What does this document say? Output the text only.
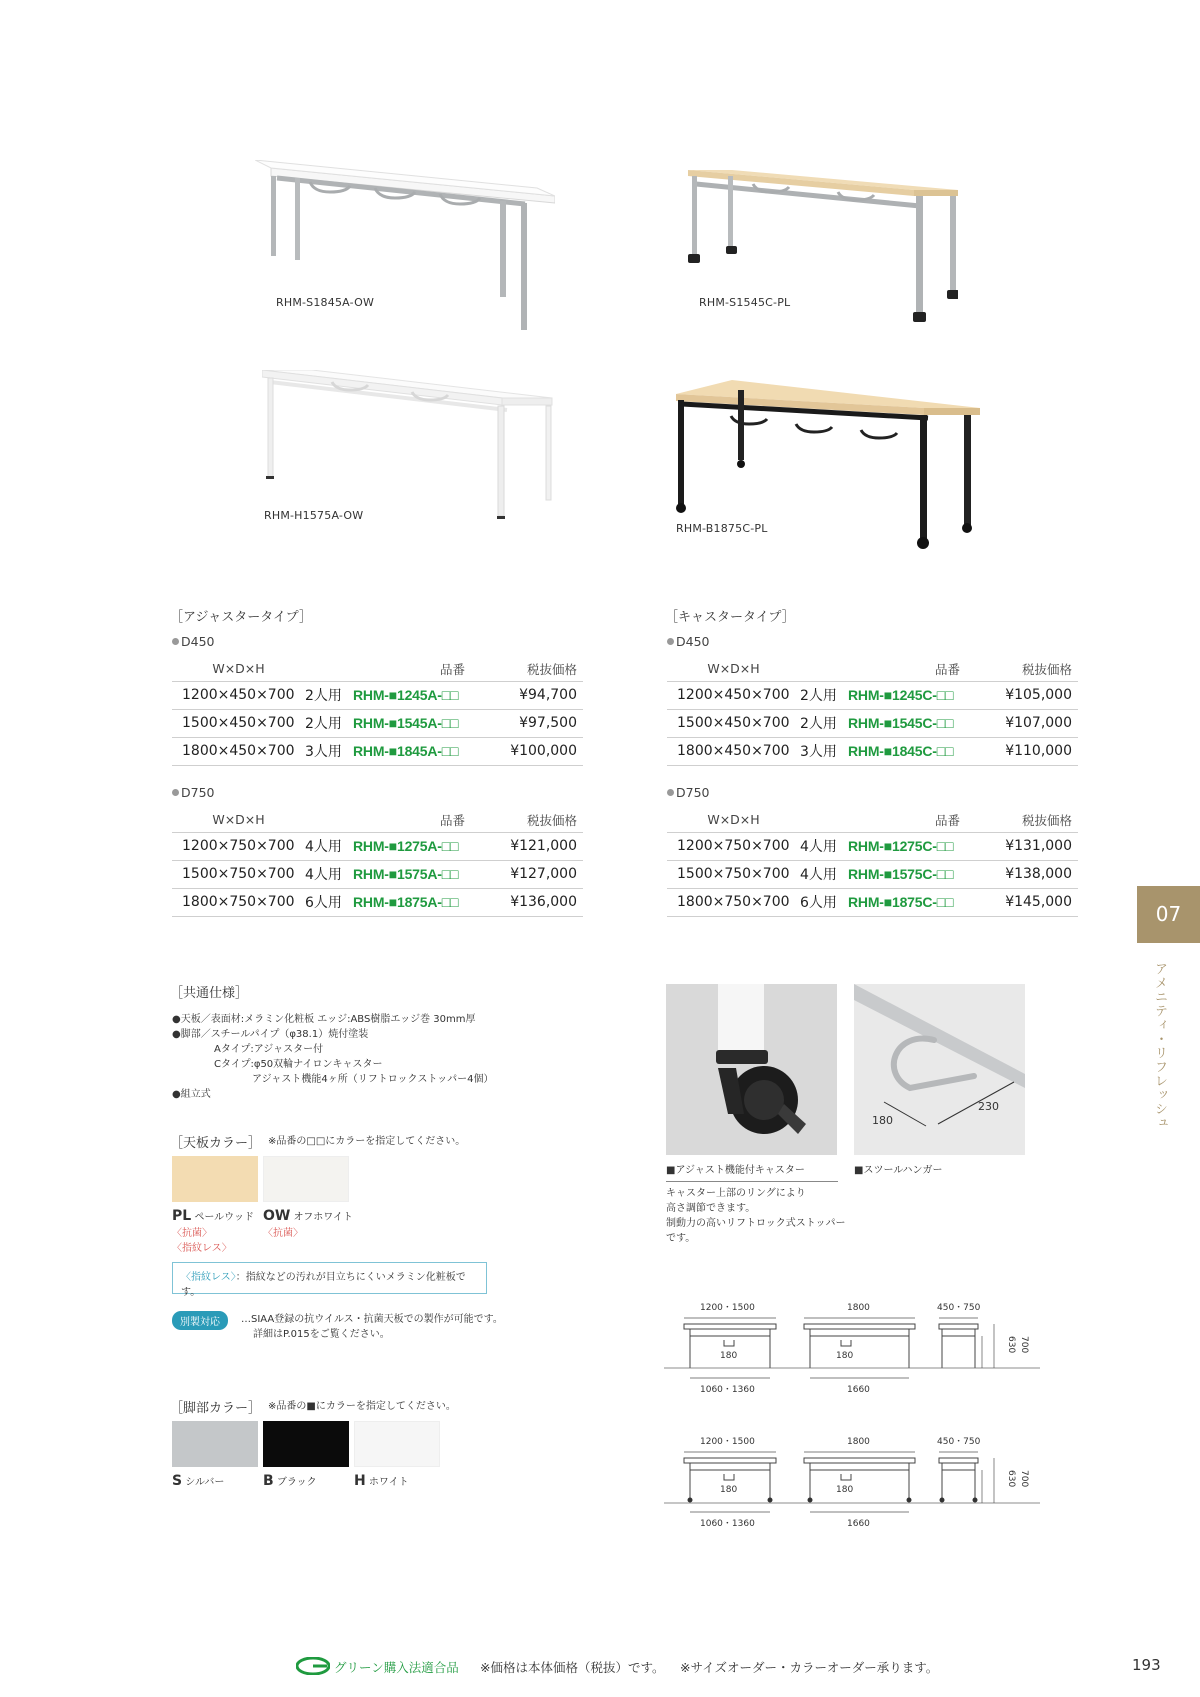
RHM-S1845A-OW	RHM-S1545C-PL
RHM-H1575A-OW
RHM-B1875C-PL
［アジャスタータイプ］
D450
W×D×H		品番	税抜価格
1200×450×700	2人用	RHM-■1245A-□□	¥94,700
1500×450×700	2人用	RHM-■1545A-□□	¥97,500
1800×450×700	3人用	RHM-■1845A-□□	¥100,000
D750
W×D×H		品番	税抜価格
1200×750×700	4人用	RHM-■1275A-□□	¥121,000
1500×750×700	4人用	RHM-■1575A-□□	¥127,000
1800×750×700	6人用	RHM-■1875A-□□	¥136,000
［キャスタータイプ］
D450
W×D×H		品番	税抜価格
1200×450×700	2人用	RHM-■1245C-□□	¥105,000
1500×450×700	2人用	RHM-■1545C-□□	¥107,000
1800×450×700	3人用	RHM-■1845C-□□	¥110,000
D750
W×D×H		品番	税抜価格
1200×750×700	4人用	RHM-■1275C-□□	¥131,000
1500×750×700	4人用	RHM-■1575C-□□	¥138,000
1800×750×700	6人用	RHM-■1875C-□□	¥145,000
［共通仕様］
●天板／表面材:メラミン化粧板 エッジ:ABS樹脂エッジ巻 30mm厚
●脚部／スチールパイプ（φ38.1）焼付塗装
Aタイプ:アジャスター付
Cタイプ:φ50双輪ナイロンキャスター
アジャスト機能4ヶ所（リフトロックストッパー4個）
●組立式
［天板カラー］ ※品番の□□にカラーを指定してください。
PL ペールウッド
〈抗菌〉
〈指紋レス〉
OW オフホワイト
〈抗菌〉
〈指紋レス〉：指紋などの汚れが目立ちにくいメラミン化粧板です。
別製対応	…SIAA登録の抗ウイルス・抗菌天板での製作が可能です。
詳細はP.015をご覧ください。
［脚部カラー］ ※品番の■にカラーを指定してください。
S シルバー	B ブラック	H ホワイト
180
230
■アジャスト機能付キャスター	■スツールハンガー
キャスター上部のリングにより
高さ調節できます。
制動力の高いリフトロック式ストッパー
です。
1200・1500	1800	450・750
180	180
1060・1360	1660
630 700
1200・1500	1800	450・750
180	180
1060・1360	1660
630 700
07
アメニティ・リフレッシュ
グリーン購入法適合品 ※価格は本体価格（税抜）です。 ※サイズオーダー・カラーオーダー承ります。	193
